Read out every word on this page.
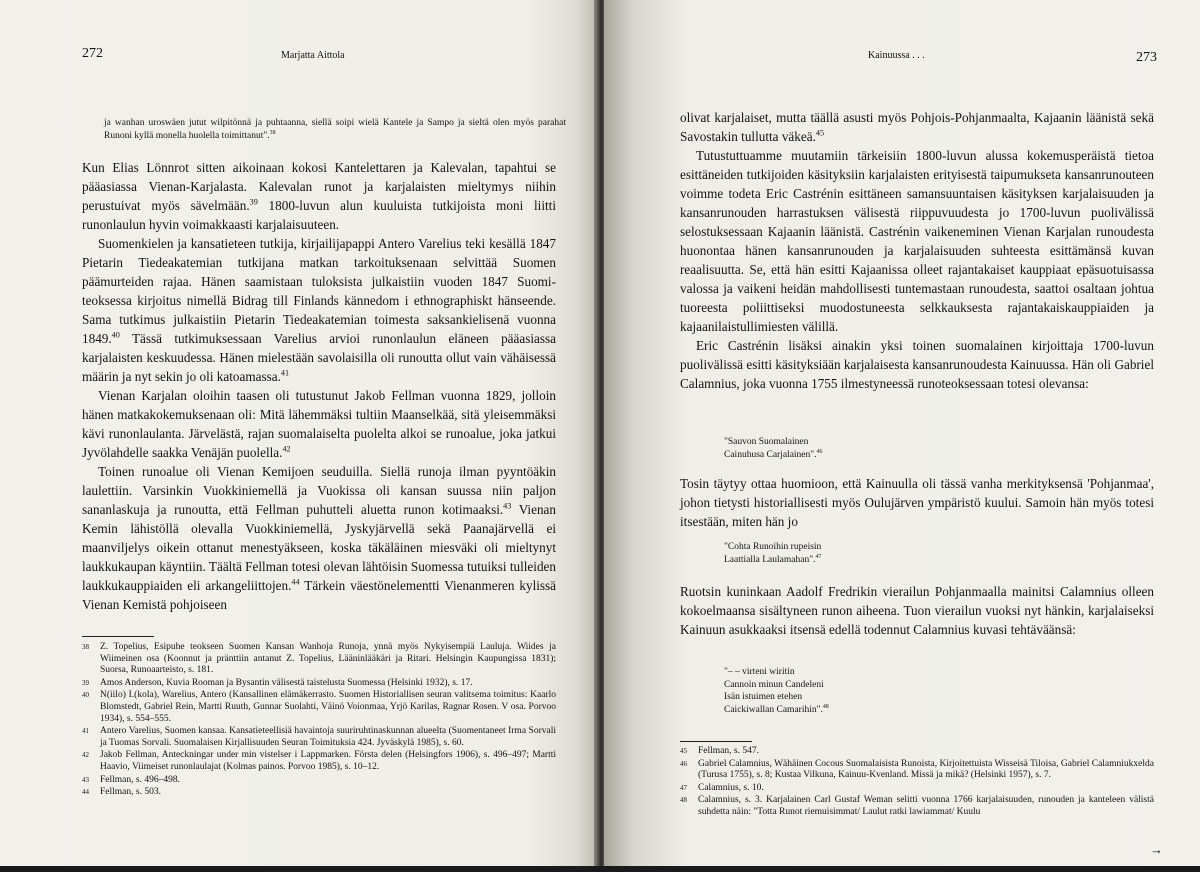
272	Marjatta Aittola

ja wanhan uroswäen jutut wilpitönnä ja puhtaanna, siellä soipi wielä Kantele ja Sampo ja sieltä olen myös parahat Runoni kyllä monella huolella toimittanut".$^{38}$

Kun Elias Lönnrot sitten aikoinaan kokosi Kantelettaren ja Kalevalan, tapahtui se pääasiassa Vienan-Karjalasta. Kalevalan runot ja karjalaisten mieltymys niihin perustuivat myös sävelmään.$^{39}$ 1800-luvun alun kuuluista tutkijoista moni liitti runonlaulun hyvin voimakkaasti karjalaisuuteen.

Suomenkielen ja kansatieteen tutkija, kirjailijapappi Antero Varelius teki kesällä 1847 Pietarin Tiedeakatemian tutkijana matkan tarkoituksenaan selvittää Suomen päämurteiden rajaa. Hänen saamistaan tuloksista julkaistiin vuoden 1847 Suomi-teoksessa kirjoitus nimellä Bidrag till Finlands kännedom i ethnographiskt hänseende. Sama tutkimus julkaistiin Pietarin Tiedeakatemian toimesta saksankielisenä vuonna 1849.40 Tässä tutkimuksessaan Varelius arvioi runonlaulun eläneen pääasiassa karjalaisten keskuudessa. Hänen mielestään savolaisilla oli runoutta ollut vain vähäisessä määrin ja nyt sekin jo oli katoamassa.$^{41}$

Vienan Karjalan oloihin taasen oli tutustunut Jakob Fellman vuonna 1829, jolloin hänen matkakokemuksenaan oli: Mitä lähemmäksi tultiin Maanselkää, sitä yleisemmäksi kävi runonlaulanta. Järvelästä, rajan suomalaiselta puolelta alkoi se runoalue, joka jatkui Jyvölahdelle saakka Venäjän puolella.$^{42}$

Toinen runoalue oli Vienan Kemijoen seuduilla. Siellä runoja ilman pyyntöäkin laulettiin. Varsinkin Vuokkiniemellä ja Vuokissa oli kansan suussa niin paljon sananlaskuja ja runoutta, että Fellman puhutteli aluetta runon kotimaaksi.$^{43}$ Vienan Kemin lähistöllä olevalla Vuokkiniemellä, Jyskyjärvellä sekä Paanajärvellä ei maanviljelys oikein ottanut menestyäkseen, koska täkäläinen miesväki oli mieltynyt laukkukaupan käyntiin. Täältä Fellman totesi olevan lähtöisin Suomessa tutuiksi tulleiden laukkukauppiaiden eli arkangeliittojen.$^{44}$ Tärkein väestönelementti Vienanmeren kylissä Vienan Kemistä pohjoiseen

38 Z. Topelius, Esipuhe teokseen Suomen Kansan Wanhoja Runoja, ynnä myös Nykyisempiä Laulujа. Wiides ja Wiimeinen osa (Koonnut ja pränttiin antanut Z. Topelius, Lääninlääkäri ja Ritari. Helsingin Kaupungissa 1831); Suorsa, Runoaarteisto, s. 181.
39 Amos Anderson, Kuvia Rooman ja Bysantin välisestä taistelusta Suomessa (Helsinki 1932), s. 17.
40 N(iilo) I.(kola), Warelius, Antero (Kansallinen elämäkerrasto. Suomen Historiallisen seuran valitsema toimitus: Kaarlo Blomstedt, Gabriel Rein, Martti Ruuth, Gunnar Suolahti, Väinö Voionmaa, Yrjö Karilas, Ragnar Rosen. V osa. Porvoo 1934), s. 554–555.
41 Antero Varelius, Suomen kansaa. Kansatieteellisiä havaintoja suuriruhtinaskunnan alueelta (Suomentaneet Irma Sorvali ja Tuomas Sorvali. Suomalaisen Kirjallisuuden Seuran Toimituksia 424. Jyväskylä 1985), s. 60.
42 Jakob Fellman, Anteckningar under min vistelser i Lappmarken. Första delen (Helsingfors 1906), s. 496–497; Martti Haavio, Viimeiset runonlaulajat (Kolmas painos. Porvoo 1985), s. 10–12.
43 Fellman, s. 496–498.
44 Fellman, s. 503.
Kainuussa . . .	273

olivat karjalaiset, mutta täällä asusti myös Pohjois-Pohjanmaalta, Kajaanin läänistä sekä Savostakin tullutta väkeä.$^{45}$

Tutustuttuamme muutamiin tärkeisiin 1800-luvun alussa kokemusperäistä tietoa esittäneiden tutkijoiden käsityksiin karjalaisten erityisestä taipumukseta kansanrunouteen voimme todeta Eric Castrénin esittäneen samansuuntaisen käsityksen karjalaisuuden ja kansanrunouden harrastuksen välisestä riippuvuudesta jo 1700-luvun puolivälissä selostuksessaan Kajaanin läänistä. Castrénin vaikeneminen Vienan Karjalan runoudesta huonontaa hänen kansanrunouden ja karjalaisuuden suhteesta esittämänsä kuvan reaalisuutta. Se, että hän esitti Kajaanissa olleet rajantakaiset kauppiaat epäsuotuisassa valossa ja vaikeni heidän mahdollisesti tuntemastaan runoudesta, saattoi osaltaan johtua tuoreesta poliittiseksi muodostuneesta selkkauksesta rajantakaiskauppiaiden ja kajaanilaistullimiesten välillä.

Eric Castrénin lisäksi ainakin yksi toinen suomalainen kirjoittaja 1700-luvun puolivälissä esitti käsityksiään karjalaisesta kansanrunoudesta Kainuussa. Hän oli Gabriel Calamnius, joka vuonna 1755 ilmestyneessä runoteoksessaan totesi olevansa:

"Sauvon Suomalainen

Cainuhusa Carjalainen".$^{46}$

Tosin täytyy ottaa huomioon, että Kainuulla oli tässä vanha merkityksensä 'Pohjanmaa', johon tietysti historiallisesti myös Oulujärven ympäristö kuului. Samoin hän myös totesi itsestään, miten hän jo

"Cohta Runoihin rupeisin

Laattialla Laulamahan".$^{47}$

Ruotsin kuninkaan Aadolf Fredrikin vierailun Pohjanmaalla mainitsi Calamnius olleen kokoelmaansa sisältyneen runon aiheena. Tuon vierailun vuoksi nyt hänkin, karjalaiseksi Kainuun asukkaaksi itsensä edellä todennut Calamnius kuvasi tehtäväänsä:

"– – virteni wiritin

Cannoin minun Candeleni

Isän istuimen etehen

Caickiwallan Camarihin".$^{48}$

45 Fellman, s. 547.
46 Gabriel Calamnius, Wähäinen Cocous Suomalaisista Runoista, Kirjoitettuista Wisseisä Tiloisa, Gabriel Calamniukxelda (Turusa 1755), s. 8; Kustaa Vilkuna, Kainuu-Kvenland. Missä ja mikä? (Helsinki 1957), s. 7.
47 Calamnius, s. 10.
48 Calamnius, s. 3. Karjalainen Carl Gustaf Weman selitti vuonna 1766 karjalaisuuden, runouden ja kanteleen välistä suhdetta näin: "Totta Runot riemuisimmat/ Laulut ratki lawiammat/ Kuulu
→
